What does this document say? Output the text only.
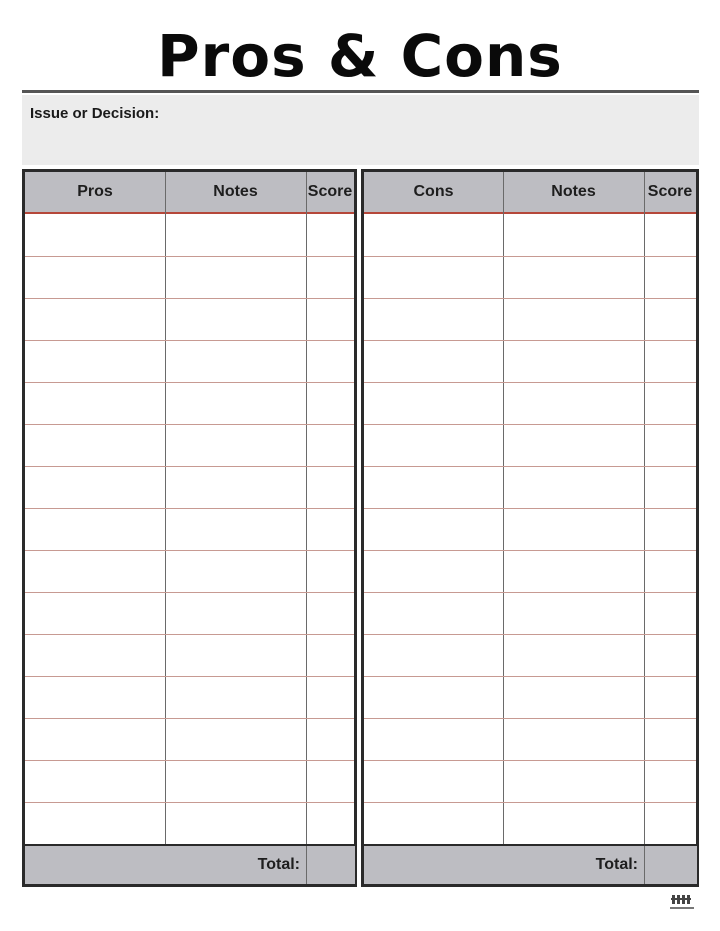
Pros & Cons
Issue or Decision:
Pros	Notes	Score
Total:
Cons	Notes	Score
Total:
